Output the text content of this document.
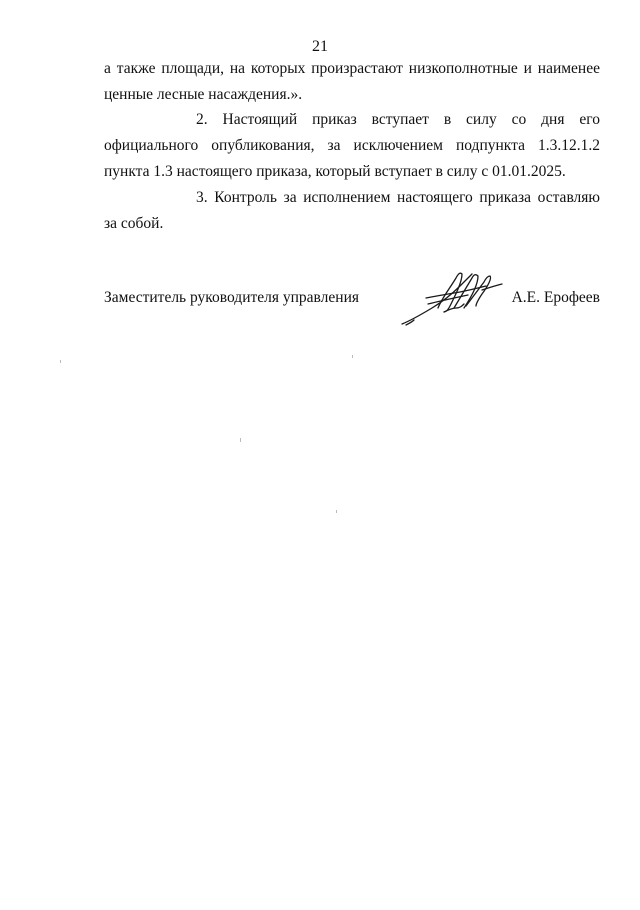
21
а также площади, на которых произрастают низкополнотные и наименее
ценные лесные насаждения.».

2. Настоящий приказ вступает в силу со дня его официального опубликования, за исключением подпункта 1.3.12.1.2 пункта 1.3 настоящего приказа, который вступает в силу с 01.01.2025.

3. Контроль за исполнением настоящего приказа оставляю за собой.

Заместитель руководителя управления	А.Е. Ерофеев
